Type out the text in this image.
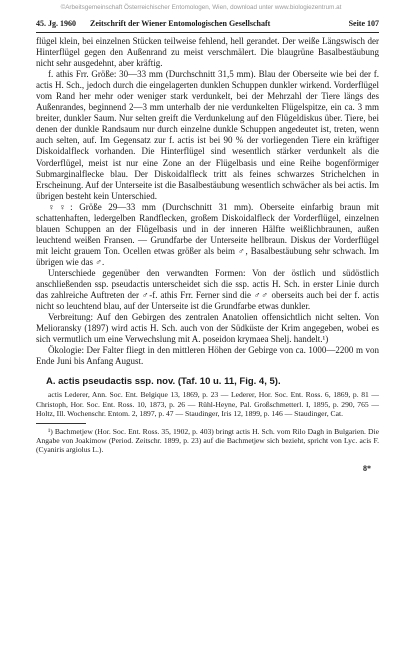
©Arbeitsgemeinschaft Österreichischer Entomologen, Wien, download unter www.biologiezentrum.at
45. Jg. 1960 Zeitschrift der Wiener Entomologischen Gesellschaft	Seite 107

flügel klein, bei einzelnen Stücken teilweise fehlend, hell gerandet. Der weiße Längswisch der Hinterflügel gegen den Außenrand zu meist verschmälert. Die blaugrüne Basalbestäubung nicht sehr ausgedehnt, aber kräftig.

f. athis Frr. Größe: 30—33 mm (Durchschnitt 31,5 mm). Blau der Oberseite wie bei der f. actis H. Sch., jedoch durch die eingelagerten dunklen Schuppen dunkler wirkend. Vorderflügel vom Rand her mehr oder weniger stark verdunkelt, bei der Mehrzahl der Tiere längs des Außenrandes, beginnend 2—3 mm unterhalb der nie verdunkelten Flügelspitze, ein ca. 3 mm breiter, dunkler Saum. Nur selten greift die Verdunkelung auf den Flügeldiskus über. Tiere, bei denen der dunkle Randsaum nur durch einzelne dunkle Schuppen angedeutet ist, treten, wenn auch selten, auf. Im Gegensatz zur f. actis ist bei 90 % der vorliegenden Tiere ein kräftiger Diskoidalfleck vorhanden. Die Hinterflügel sind wesentlich stärker verdunkelt als die Vorderflügel, meist ist nur eine Zone an der Flügelbasis und eine Reihe bogenförmiger Submarginalflecke blau. Der Diskoidalfleck tritt als feines schwarzes Strichelchen in Erscheinung. Auf der Unterseite ist die Basalbestäubung wesentlich schwächer als bei actis. Im übrigen besteht kein Unterschied.

♀♀: Größe 29—33 mm (Durchschnitt 31 mm). Oberseite einfarbig braun mit schattenhaften, ledergelben Randflecken, großem Diskoidalfleck der Vorderflügel, einzelnen blauen Schuppen an der Flügelbasis und in der inneren Hälfte weißlichbraunen, außen leuchtend weißen Fransen. — Grundfarbe der Unterseite hellbraun. Diskus der Vorderflügel mit leicht grauem Ton. Ocellen etwas größer als beim ♂, Basalbestäubung sehr schwach. Im übrigen wie das ♂.

Unterschiede gegenüber den verwandten Formen: Von der östlich und südöstlich anschließenden ssp. pseudactis unterscheidet sich die ssp. actis H. Sch. in erster Linie durch das zahlreiche Auftreten der ♂-f. athis Frr. Ferner sind die ♂♂ oberseits auch bei der f. actis nicht so leuchtend blau, auf der Unterseite ist die Grundfarbe etwas dunkler.

Verbreitung: Auf den Gebirgen des zentralen Anatolien offensichtlich nicht selten. Von Melioransky (1897) wird actis H. Sch. auch von der Südküste der Krim angegeben, wobei es sich vermutlich um eine Verwechslung mit A. poseidon krymaea Shelj. handelt.¹)

Ökologie: Der Falter fliegt in den mittleren Höhen der Gebirge von ca. 1000—2200 m von Ende Juni bis Anfang August.

A. actis pseudactis ssp. nov. (Taf. 10 u. 11, Fig. 4, 5).

actis Lederer, Ann. Soc. Ent. Belgique 13, 1869, p. 23 — Lederer, Hor. Soc. Ent. Ross. 6, 1869, p. 81 — Christoph, Hor. Soc. Ent. Ross. 10, 1873, p. 26 — Rühl-Heyne, Pal. Großschmetterl. I, 1895, p. 290, 765 — Holtz, Ill. Wochenschr. Entom. 2, 1897, p. 47 — Staudinger, Iris 12, 1899, p. 146 — Staudinger, Cat.

¹) Bachmetjew (Hor. Soc. Ent. Ross. 35, 1902, p. 403) bringt actis H. Sch. vom Rilo Dagh in Bulgarien. Die Angabe von Joakimow (Period. Zeitschr. 1899, p. 23) auf die Bachmetjew sich bezieht, spricht von Lyc. acis F. (Cyaniris argiolus L.).

8*
